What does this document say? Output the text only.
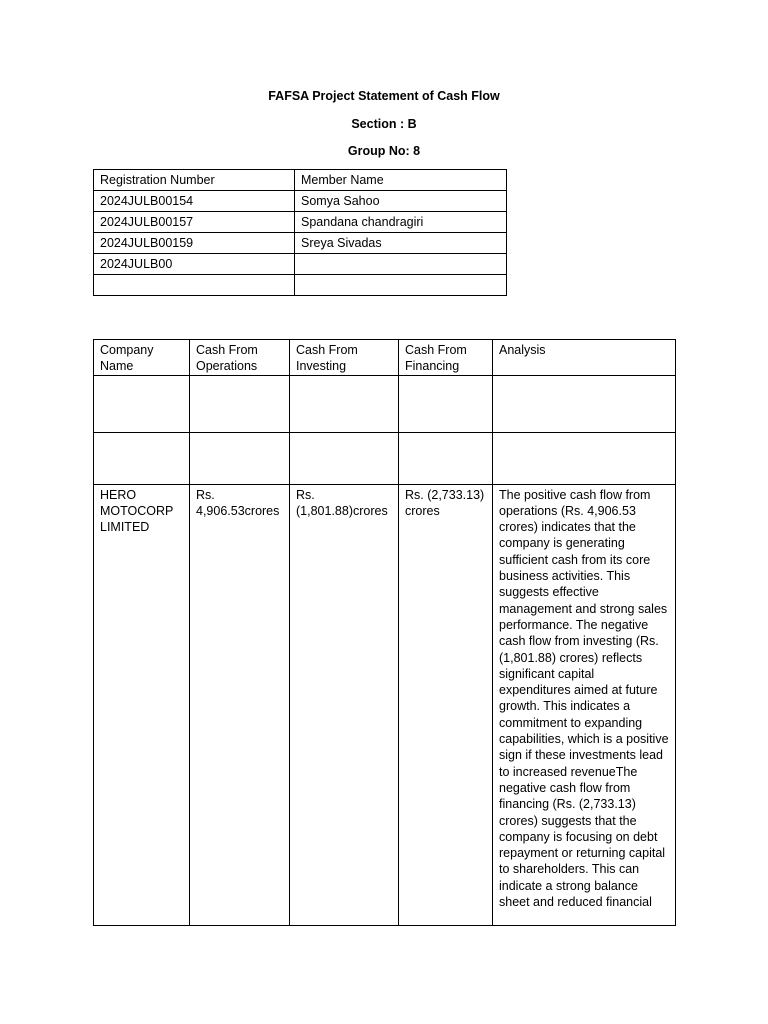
FAFSA Project Statement of Cash Flow
Section : B
Group No: 8
Registration Number	Member Name
2024JULB00154	Somya Sahoo
2024JULB00157	Spandana chandragiri
2024JULB00159	Sreya Sivadas
2024JULB00	

Company Name	Cash From Operations	Cash From Investing	Cash From Financing	Analysis

HERO MOTOCORP LIMITED	Rs. 4,906.53crores	Rs. (1,801.88)crores	Rs. (2,733.13) crores	The positive cash flow from operations (Rs. 4,906.53 crores) indicates that the company is generating sufficient cash from its core business activities. This suggests effective management and strong sales performance. The negative cash flow from investing (Rs. (1,801.88) crores) reflects significant capital expenditures aimed at future growth. This indicates a commitment to expanding capabilities, which is a positive sign if these investments lead to increased revenueThe negative cash flow from financing (Rs. (2,733.13) crores) suggests that the company is focusing on debt repayment or returning capital to shareholders. This can indicate a strong balance sheet and reduced financial
